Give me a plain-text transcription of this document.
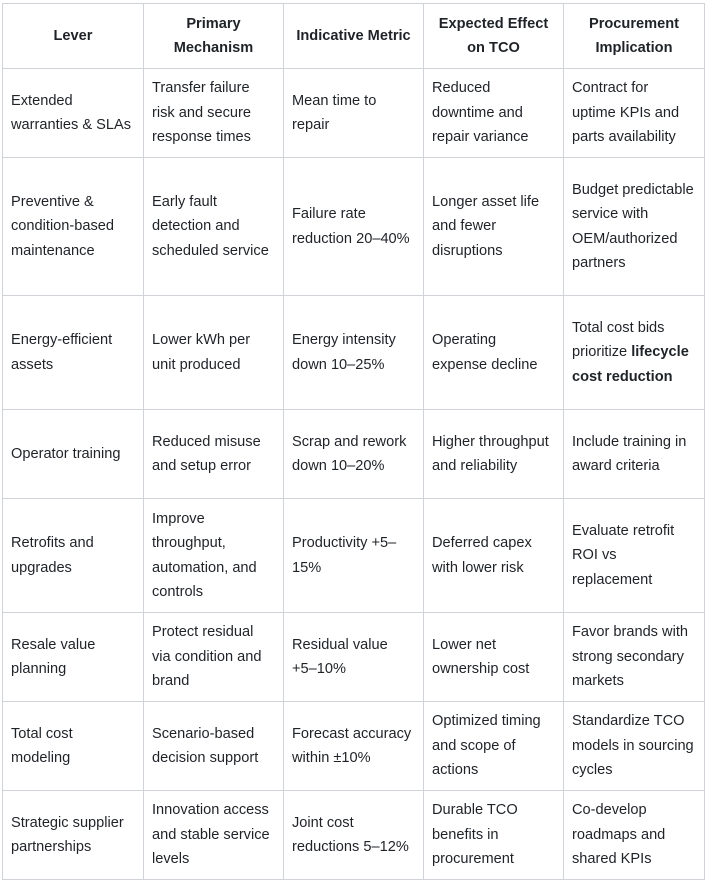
Lever	Primary Mechanism	Indicative Metric	Expected Effect on TCO	Procurement Implication
Extended warranties & SLAs	Transfer failure risk and secure response times	Mean time to repair	Reduced downtime and repair variance	Contract for uptime KPIs and parts availability
Preventive & condition-based maintenance	Early fault detection and scheduled service	Failure rate reduction 20–40%	Longer asset life and fewer disruptions	Budget predictable service with OEM/authorized partners
Energy-efficient assets	Lower kWh per unit produced	Energy intensity down 10–25%	Operating expense decline	Total cost bids prioritize lifecycle cost reduction
Operator training	Reduced misuse and setup error	Scrap and rework down 10–20%	Higher throughput and reliability	Include training in award criteria
Retrofits and upgrades	Improve throughput, automation, and controls	Productivity +5–15%	Deferred capex with lower risk	Evaluate retrofit ROI vs replacement
Resale value planning	Protect residual via condition and brand	Residual value +5–10%	Lower net ownership cost	Favor brands with strong secondary markets
Total cost modeling	Scenario-based decision support	Forecast accuracy within ±10%	Optimized timing and scope of actions	Standardize TCO models in sourcing cycles
Strategic supplier partnerships	Innovation access and stable service levels	Joint cost reductions 5–12%	Durable TCO benefits in procurement	Co-develop roadmaps and shared KPIs
